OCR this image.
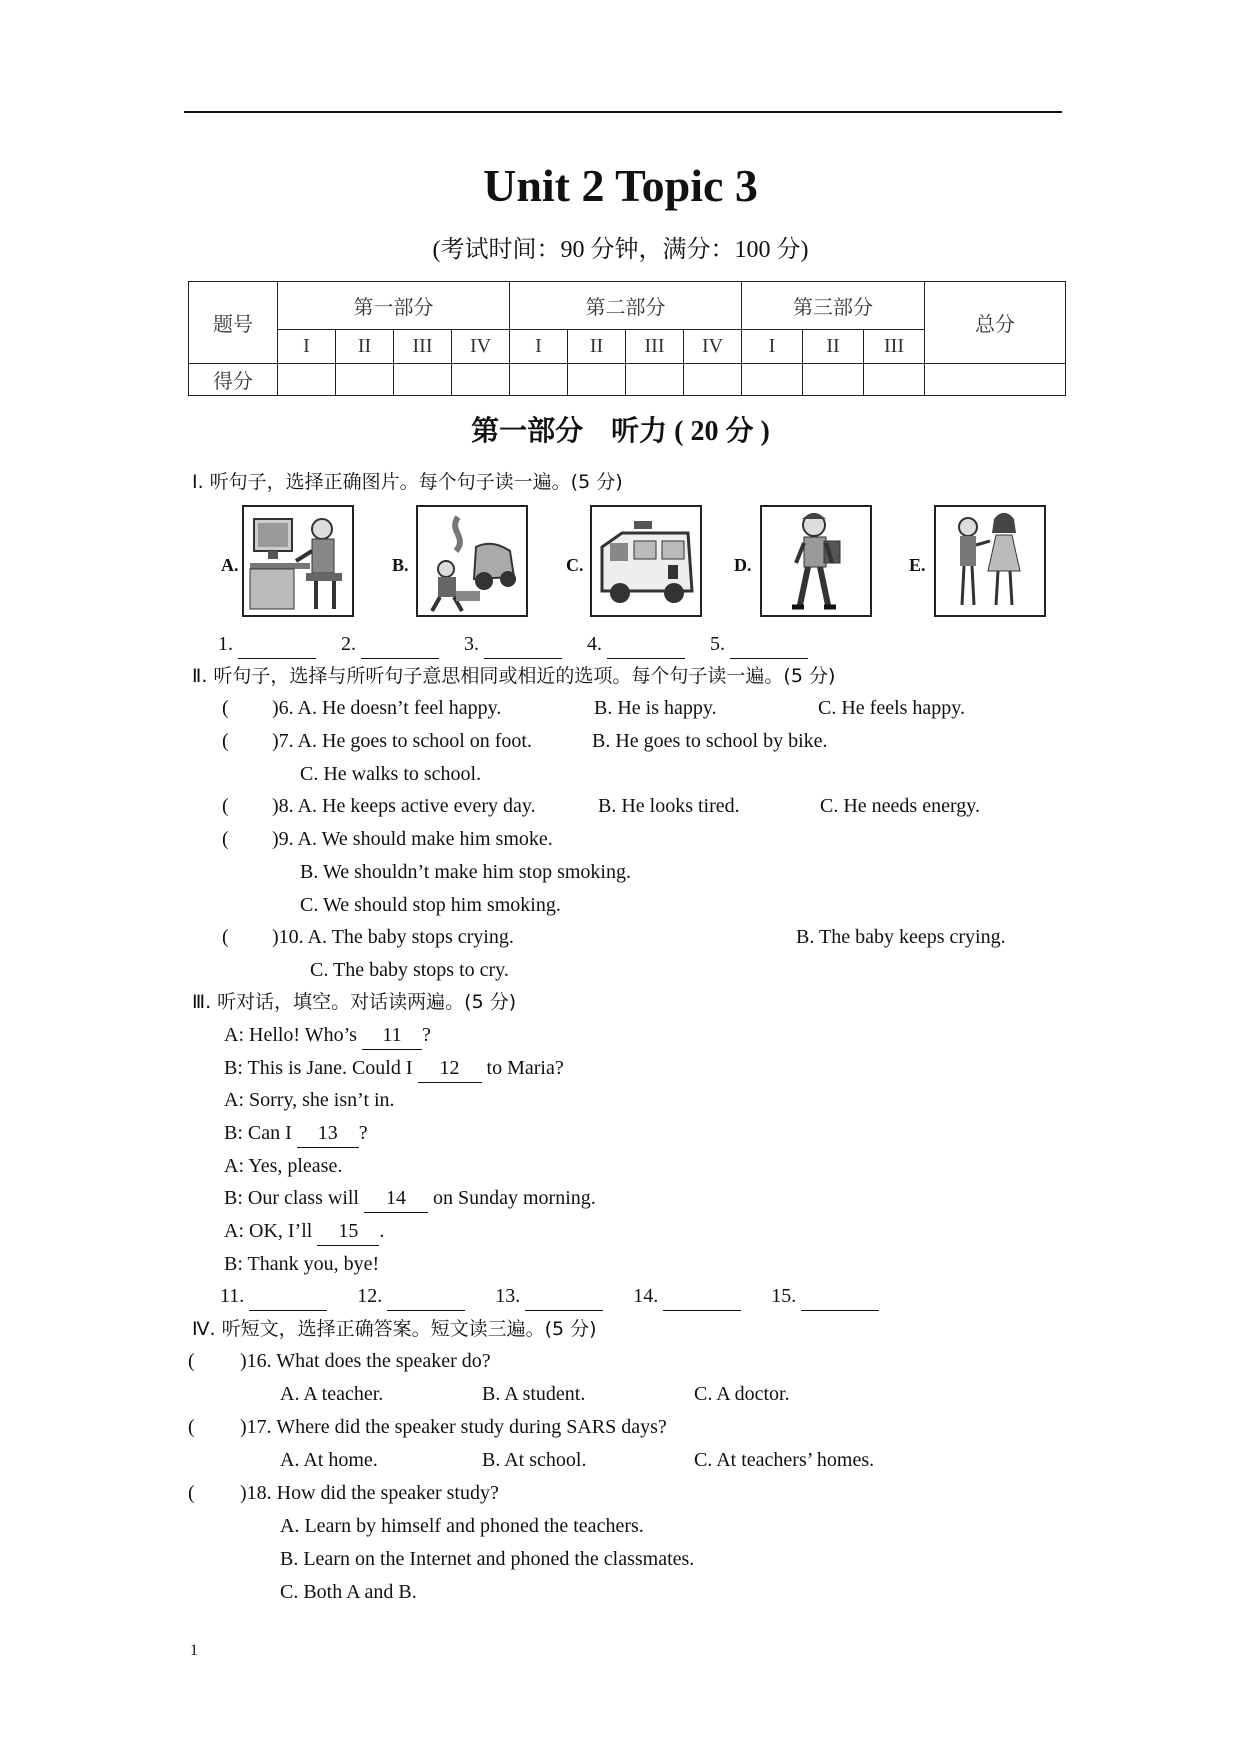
Unit 2 Topic 3
(考试时间：90 分钟，满分：100 分)
题号	第一部分				第二部分				第三部分			总分
	I	II	III	IV	I	II	III	IV	I	II	III	
得分												
第一部分　听力 ( 20 分 )
Ⅰ. 听句子，选择正确图片。每个句子读一遍。(5 分)
A.	B.	C.	D.	E.
1.	2.	3.	4.	5.
Ⅱ. 听句子，选择与所听句子意思相同或相近的选项。每个句子读一遍。(5 分)
( )6. A. He doesn’t feel happy.	B. He is happy.	C. He feels happy.
( )7. A. He goes to school on foot.	B. He goes to school by bike.
C. He walks to school.
( )8. A. He keeps active every day.	B. He looks tired.	C. He needs energy.
( )9. A. We should make him smoke.
B. We shouldn’t make him stop smoking.
C. We should stop him smoking.
( )10. A. The baby stops crying.	B. The baby keeps crying.
C. The baby stops to cry.
Ⅲ. 听对话，填空。对话读两遍。(5 分)
A: Hello! Who’s 11 ?
B: This is Jane. Could I 12 to Maria?
A: Sorry, she isn’t in.
B: Can I 13 ?
A: Yes, please.
B: Our class will 14 on Sunday morning.
A: OK, I’ll 15 .
B: Thank you, bye!
11.	12.	13.	14.	15.
Ⅳ. 听短文，选择正确答案。短文读三遍。(5 分)
( )16. What does the speaker do?
A. A teacher.	B. A student.	C. A doctor.
( )17. Where did the speaker study during SARS days?
A. At home.	B. At school.	C. At teachers’ homes.
( )18. How did the speaker study?
A. Learn by himself and phoned the teachers.
B. Learn on the Internet and phoned the classmates.
C. Both A and B.
1
